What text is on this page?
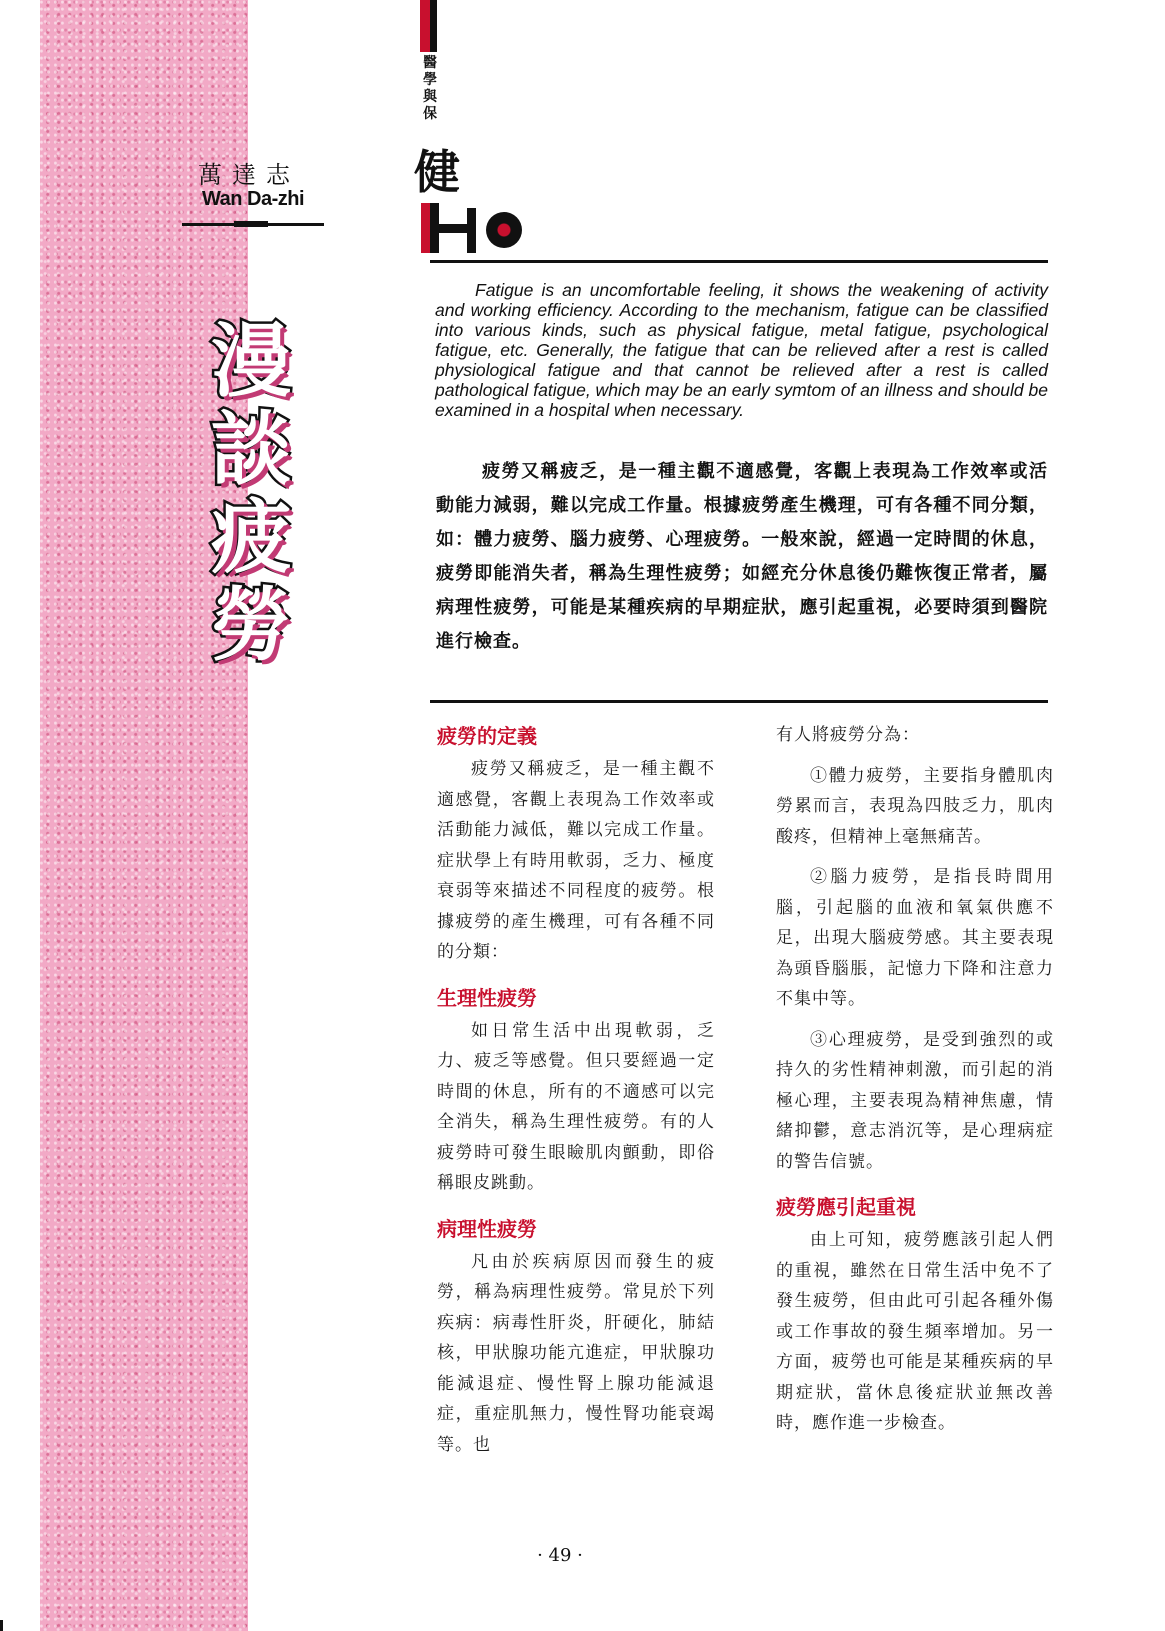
萬達志
Wan Da-zhi
漫
談
疲
勞
醫
學
與
保
健
Fatigue is an uncomfortable feeling, it shows the weakening of activity and working efficiency. According to the mechanism, fatigue can be classified into various kinds, such as physical fatigue, metal fatigue, psychological fatigue, etc. Generally, the fatigue that can be relieved after a rest is called physiological fatigue and that cannot be relieved after a rest is called pathological fatigue, which may be an early symtom of an illness and should be examined in a hospital when necessary.
疲勞又稱疲乏，是一種主觀不適感覺，客觀上表現為工作效率或活動能力減弱，難以完成工作量。根據疲勞產生機理，可有各種不同分類，如：體力疲勞、腦力疲勞、心理疲勞。一般來說，經過一定時間的休息，疲勞即能消失者，稱為生理性疲勞；如經充分休息後仍難恢復正常者，屬病理性疲勞，可能是某種疾病的早期症狀，應引起重視，必要時須到醫院進行檢查。
疲勞的定義

疲勞又稱疲乏，是一種主觀不適感覺，客觀上表現為工作效率或活動能力減低，難以完成工作量。症狀學上有時用軟弱，乏力、極度衰弱等來描述不同程度的疲勞。根據疲勞的產生機理，可有各種不同的分類：

生理性疲勞

如日常生活中出現軟弱，乏力、疲乏等感覺。但只要經過一定時間的休息，所有的不適感可以完全消失，稱為生理性疲勞。有的人疲勞時可發生眼瞼肌肉顫動，即俗稱眼皮跳動。

病理性疲勞

凡由於疾病原因而發生的疲勞，稱為病理性疲勞。常見於下列疾病：病毒性肝炎，肝硬化，肺結核，甲狀腺功能亢進症，甲狀腺功能減退症、慢性腎上腺功能減退症，重症肌無力，慢性腎功能衰竭等。也

有人將疲勞分為：

①體力疲勞，主要指身體肌肉勞累而言，表現為四肢乏力，肌肉酸疼，但精神上毫無痛苦。

②腦力疲勞，是指長時間用腦，引起腦的血液和氧氣供應不足，出現大腦疲勞感。其主要表現為頭昏腦脹，記憶力下降和注意力不集中等。

③心理疲勞，是受到強烈的或持久的劣性精神刺激，而引起的消極心理，主要表現為精神焦慮，情緒抑鬱，意志消沉等，是心理病症的警告信號。

疲勞應引起重視

由上可知，疲勞應該引起人們的重視，雖然在日常生活中免不了發生疲勞，但由此可引起各種外傷或工作事故的發生頻率增加。另一方面，疲勞也可能是某種疾病的早期症狀，當休息後症狀並無改善時，應作進一步檢查。

· 49 ·
